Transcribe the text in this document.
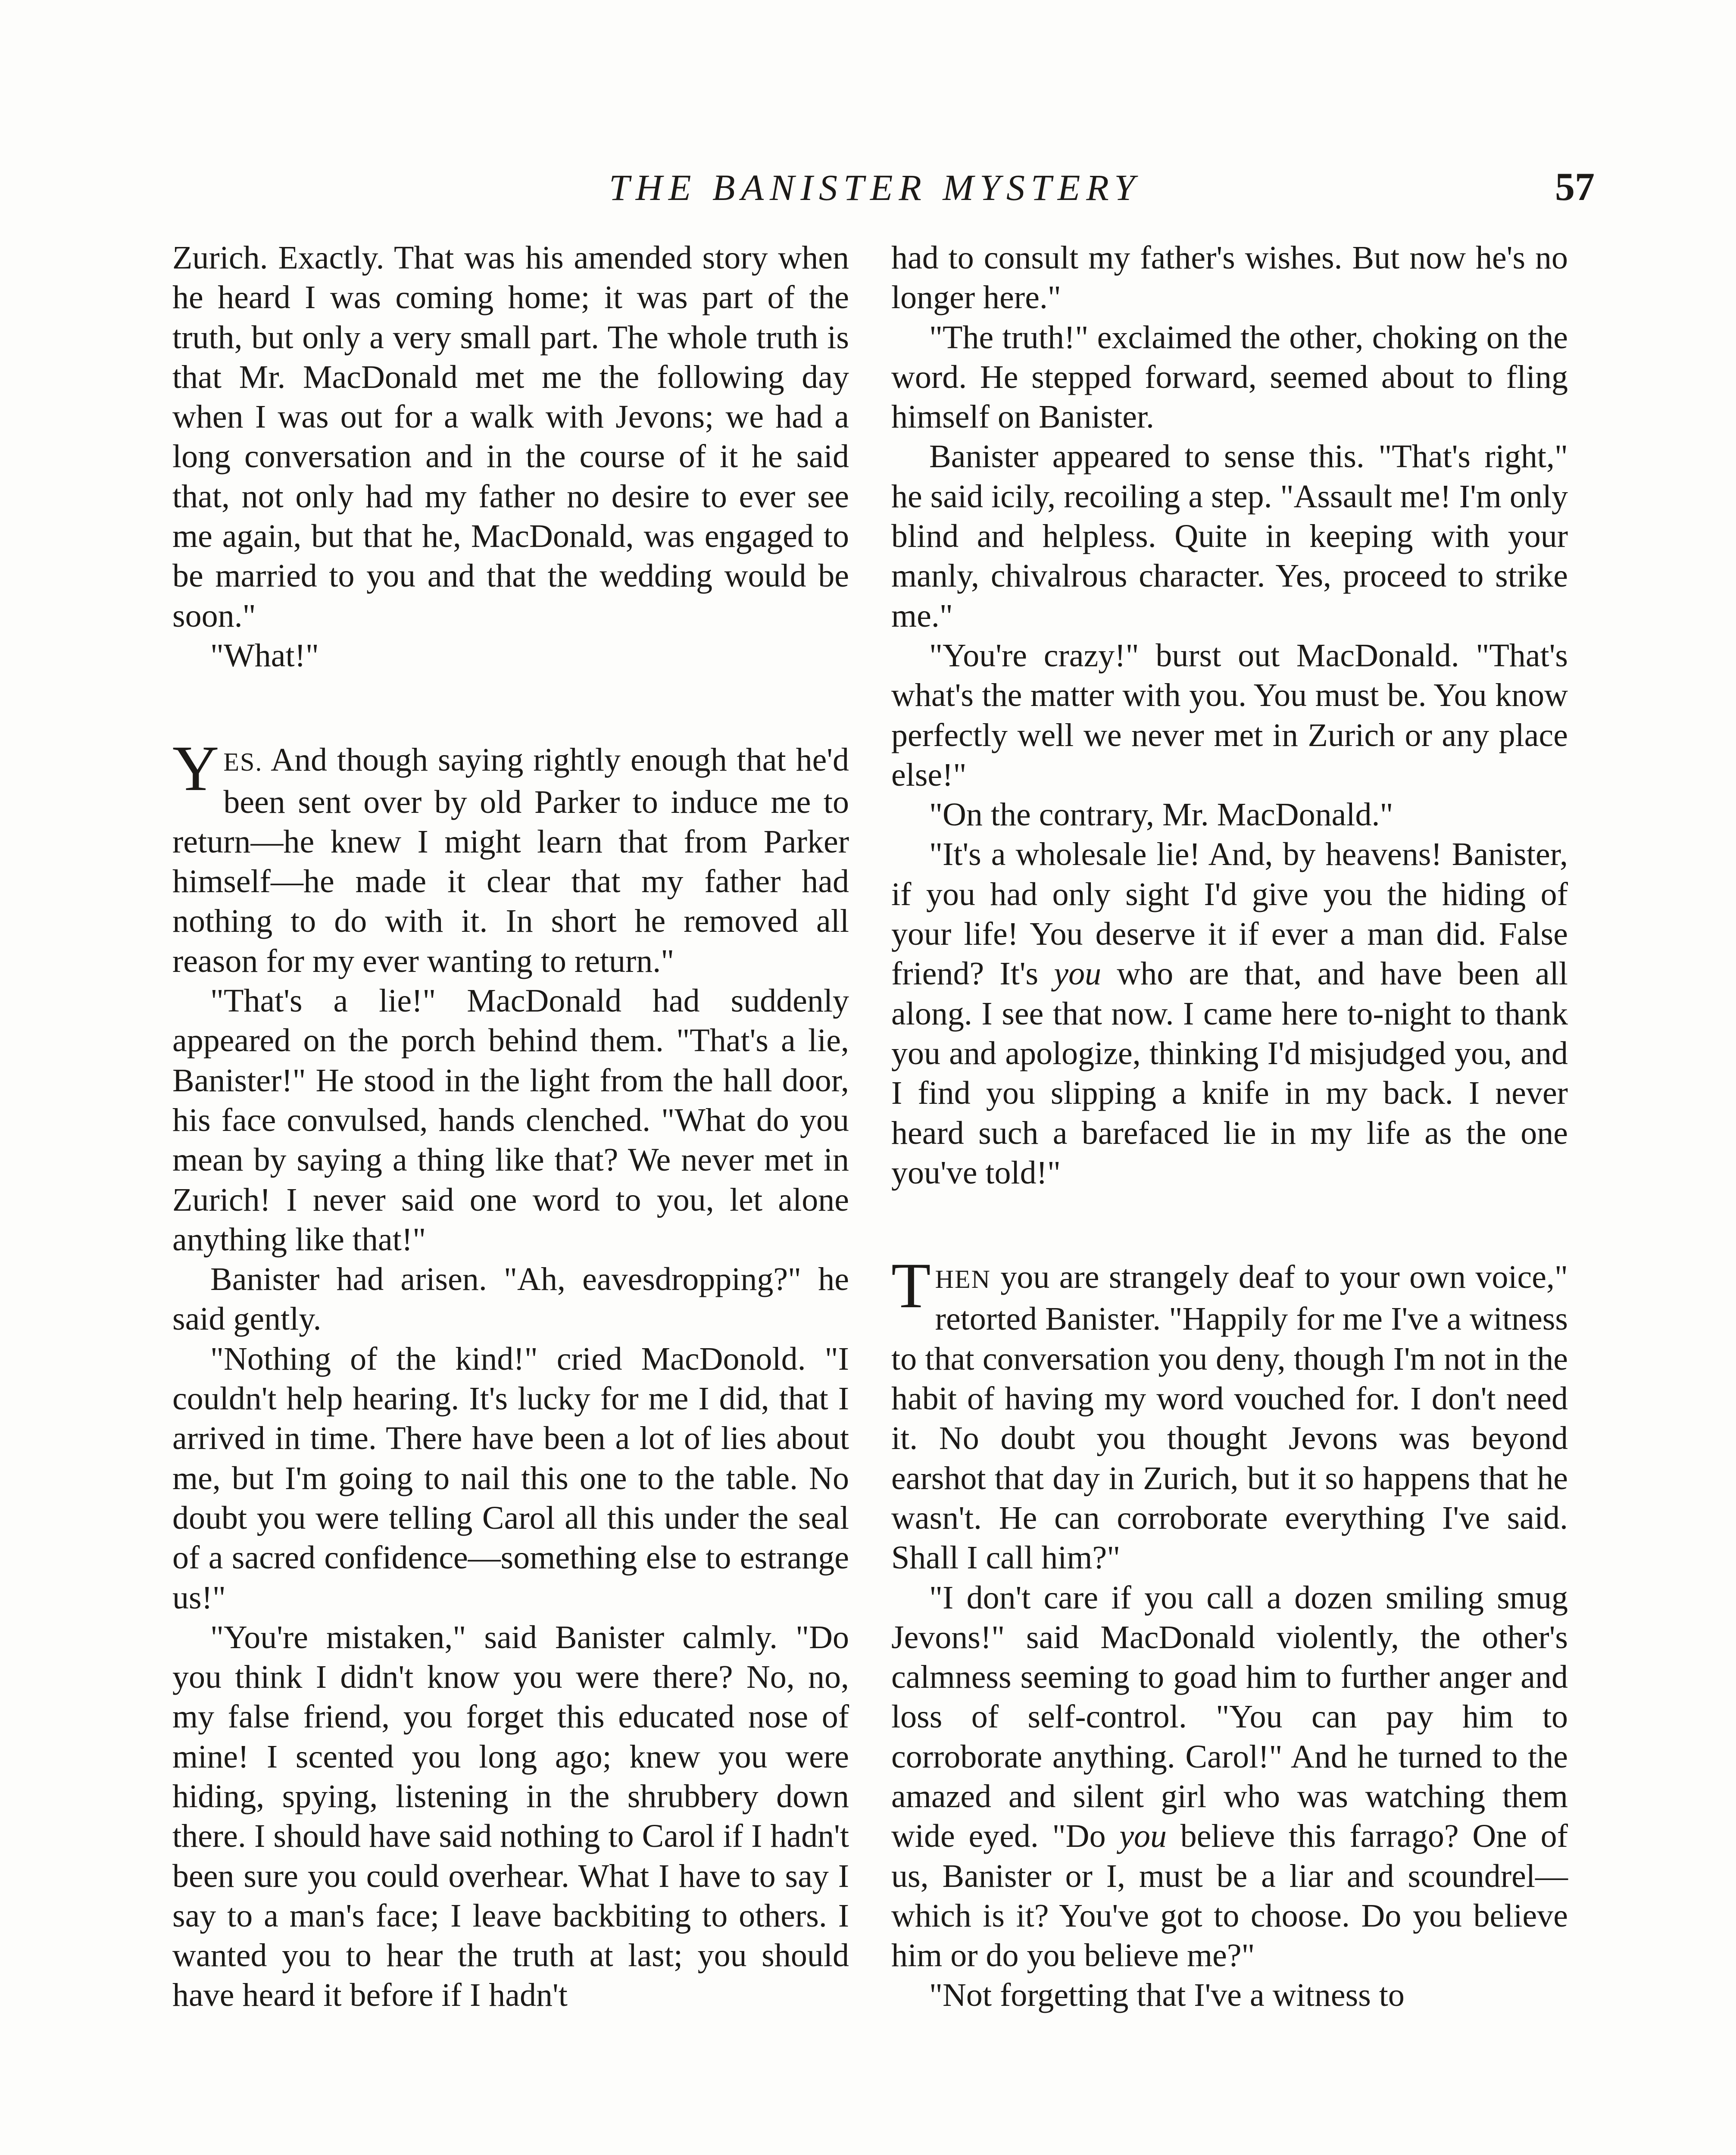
THE BANISTER MYSTERY	57

Zurich. Exactly. That was his amended story when he heard I was coming home; it was part of the truth, but only a very small part. The whole truth is that Mr. MacDonald met me the following day when I was out for a walk with Jevons; we had a long conversation and in the course of it he said that, not only had my father no desire to ever see me again, but that he, MacDonald, was engaged to be married to you and that the wedding would be soon."

"What!"

YES. And though saying rightly enough that he'd been sent over by old Parker to induce me to return—he knew I might learn that from Parker himself—he made it clear that my father had nothing to do with it. In short he removed all reason for my ever wanting to return."

"That's a lie!" MacDonald had suddenly appeared on the porch behind them. "That's a lie, Banister!" He stood in the light from the hall door, his face convulsed, hands clenched. "What do you mean by saying a thing like that? We never met in Zurich! I never said one word to you, let alone anything like that!"

Banister had arisen. "Ah, eavesdropping?" he said gently.

"Nothing of the kind!" cried MacDonold. "I couldn't help hearing. It's lucky for me I did, that I arrived in time. There have been a lot of lies about me, but I'm going to nail this one to the table. No doubt you were telling Carol all this under the seal of a sacred confidence—something else to estrange us!"

"You're mistaken," said Banister calmly. "Do you think I didn't know you were there? No, no, my false friend, you forget this educated nose of mine! I scented you long ago; knew you were hiding, spying, listening in the shrubbery down there. I should have said nothing to Carol if I hadn't been sure you could overhear. What I have to say I say to a man's face; I leave backbiting to others. I wanted you to hear the truth at last; you should have heard it before if I hadn't

had to consult my father's wishes. But now he's no longer here."

"The truth!" exclaimed the other, choking on the word. He stepped forward, seemed about to fling himself on Banister.

Banister appeared to sense this. "That's right," he said icily, recoiling a step. "Assault me! I'm only blind and helpless. Quite in keeping with your manly, chivalrous character. Yes, proceed to strike me."

"You're crazy!" burst out MacDonald. "That's what's the matter with you. You must be. You know perfectly well we never met in Zurich or any place else!"

"On the contrary, Mr. MacDonald."

"It's a wholesale lie! And, by heavens! Banister, if you had only sight I'd give you the hiding of your life! You deserve it if ever a man did. False friend? It's you who are that, and have been all along. I see that now. I came here to-night to thank you and apologize, thinking I'd misjudged you, and I find you slipping a knife in my back. I never heard such a barefaced lie in my life as the one you've told!"

THEN you are strangely deaf to your own voice," retorted Banister. "Happily for me I've a witness to that conversation you deny, though I'm not in the habit of having my word vouched for. I don't need it. No doubt you thought Jevons was beyond earshot that day in Zurich, but it so happens that he wasn't. He can corroborate everything I've said. Shall I call him?"

"I don't care if you call a dozen smiling smug Jevons!" said MacDonald violently, the other's calmness seeming to goad him to further anger and loss of self-control. "You can pay him to corroborate anything. Carol!" And he turned to the amazed and silent girl who was watching them wide eyed. "Do you believe this farrago? One of us, Banister or I, must be a liar and scoundrel—which is it? You've got to choose. Do you believe him or do you believe me?"

"Not forgetting that I've a witness to
